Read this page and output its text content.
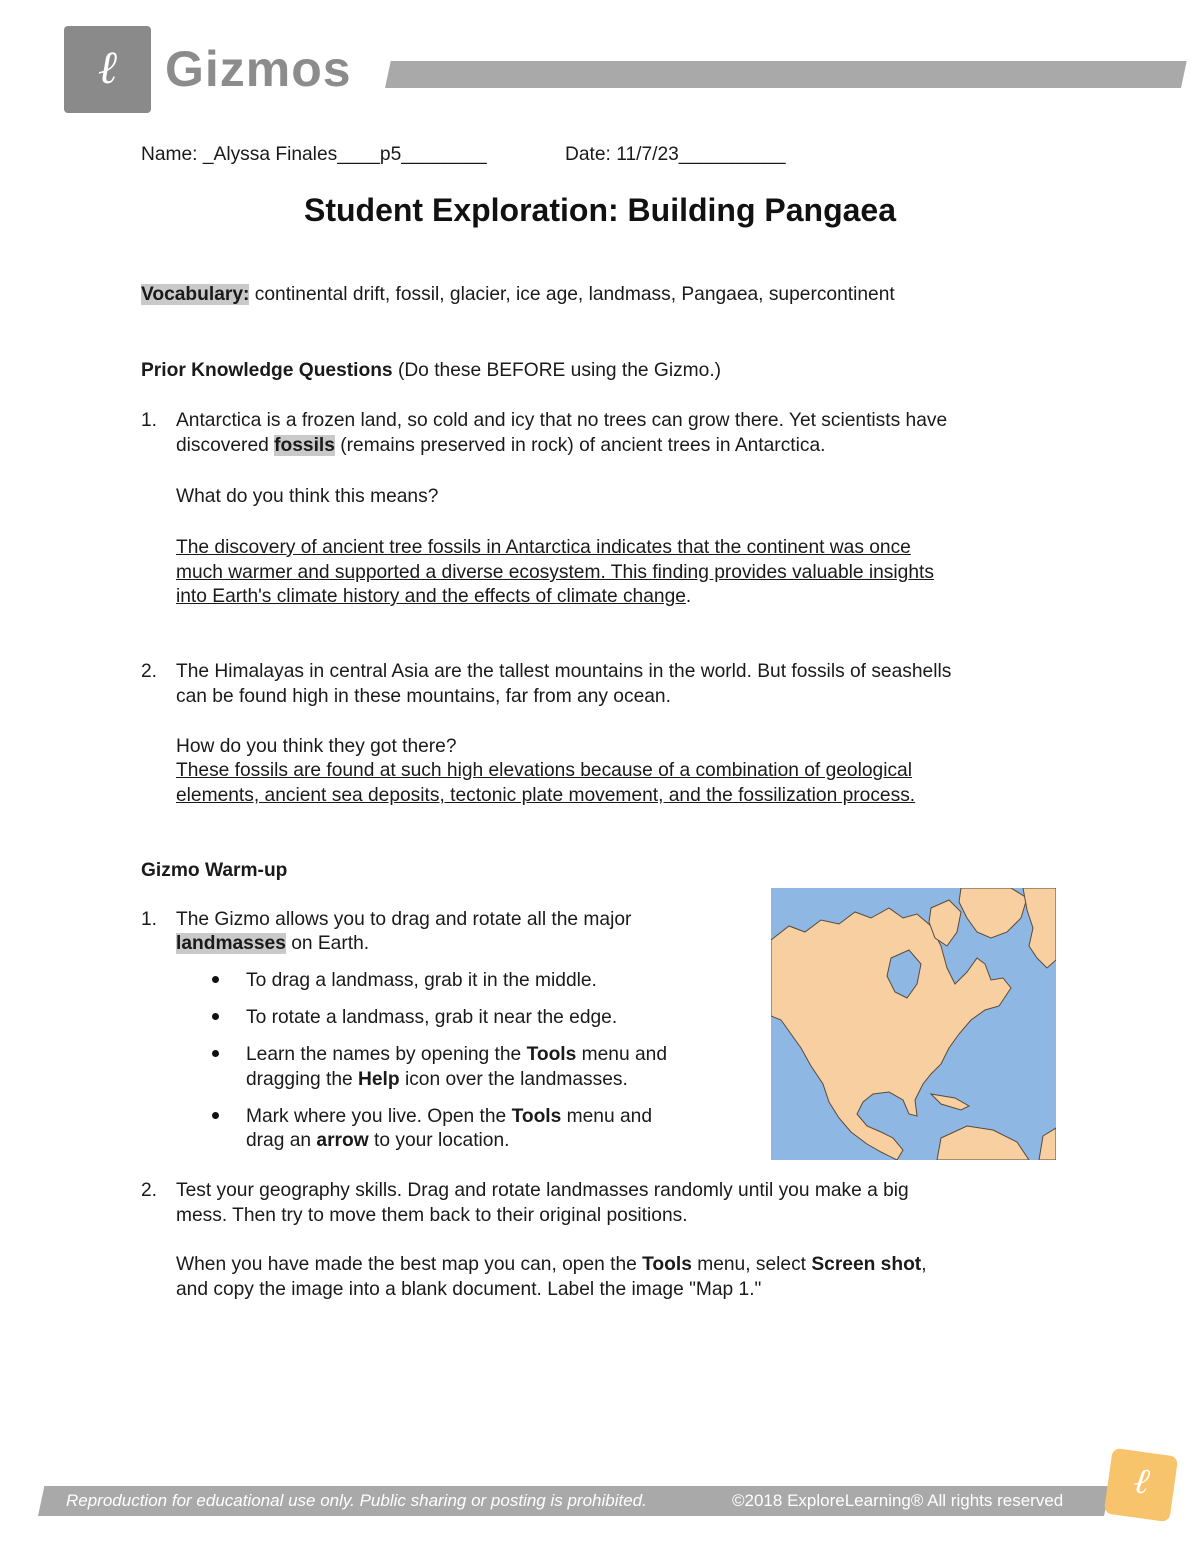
ℓ Gizmos
Name: _Alyssa Finales____p5________	Date: 11/7/23__________
Student Exploration: Building Pangaea
Vocabulary: continental drift, fossil, glacier, ice age, landmass, Pangaea, supercontinent
Prior Knowledge Questions (Do these BEFORE using the Gizmo.)
1. Antarctica is a frozen land, so cold and icy that no trees can grow there. Yet scientists have
discovered fossils (remains preserved in rock) of ancient trees in Antarctica.
What do you think this means?
The discovery of ancient tree fossils in Antarctica indicates that the continent was once
much warmer and supported a diverse ecosystem. This finding provides valuable insights
into Earth's climate history and the effects of climate change.
2. The Himalayas in central Asia are the tallest mountains in the world. But fossils of seashells
can be found high in these mountains, far from any ocean.
How do you think they got there?
These fossils are found at such high elevations because of a combination of geological
elements, ancient sea deposits, tectonic plate movement, and the fossilization process.
Gizmo Warm-up
1. The Gizmo allows you to drag and rotate all the major
landmasses on Earth.
To drag a landmass, grab it in the middle.
To rotate a landmass, grab it near the edge.
Learn the names by opening the Tools menu and
dragging the Help icon over the landmasses.
Mark where you live. Open the Tools menu and
drag an arrow to your location.
2. Test your geography skills. Drag and rotate landmasses randomly until you make a big
mess. Then try to move them back to their original positions.
When you have made the best map you can, open the Tools menu, select Screen shot,
and copy the image into a blank document. Label the image "Map 1."
Reproduction for educational use only. Public sharing or posting is prohibited.	©2018 ExploreLearning® All rights reserved	ℓ
